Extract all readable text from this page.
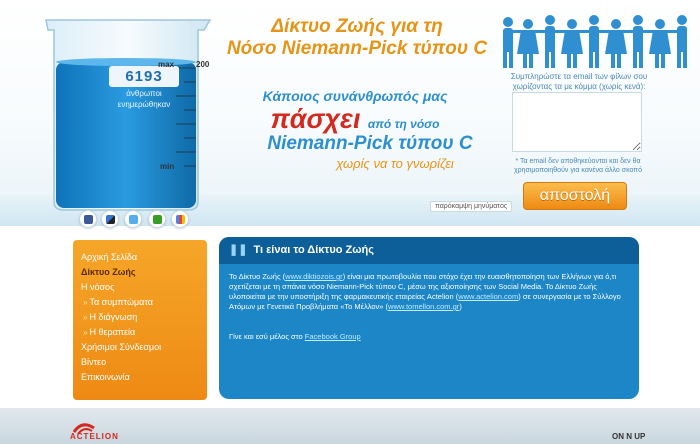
6193
άνθρωποι
ενημερώθηκαν
max	200
min
Δίκτυο Ζωής για τη
Νόσο Niemann-Pick τύπου C
Κάποιος συνάνθρωπός μας
πάσχει από τη νόσο
Niemann-Pick τύπου C
χωρίς να το γνωρίζει
παρόκαμψη μηνύματος
Συμπληρώστε τα email των φίλων σου χωρίζοντας τα με κόμμα (χωρίς κενά):
* Τα email δεν αποθηκεύονται και δεν θα χρησιμοποιηθούν για κανένα άλλο σκοπό
αποστολή
Αρχική Σελίδα
Δίκτυο Ζωής
Η νόσος
» Τα συμπτώματα
» Η διάγνωση
» Η θεραπεία
Χρήσιμοι Σύνδεσμοι
Βίντεο
Επικοινωνία
❚❚ Τι είναι το Δίκτυο Ζωής

Το Δίκτυο Ζωής (www.diktiozois.gr) είναι μια πρωτοβουλία που στόχο έχει την ευαισθητοποίηση των Ελλήνων για ό,τι σχετίζεται με τη σπάνια νόσο Niemann-Pick τύπου C, μέσω της αξιοποίησης των Social Media. Το Δίκτυο Ζωής υλοποιείται με την υποστήριξη της φαρμακευτικής εταιρείας Actelion (www.actelion.com) σε συνεργασία με το Σύλλογο Ατόμων με Γενετικά Προβλήματα «Το Μέλλον» (www.tomellon.com.gr)

Γίνε και εσύ μέλος στο Facebook Group

ACTELION	ON N UP
